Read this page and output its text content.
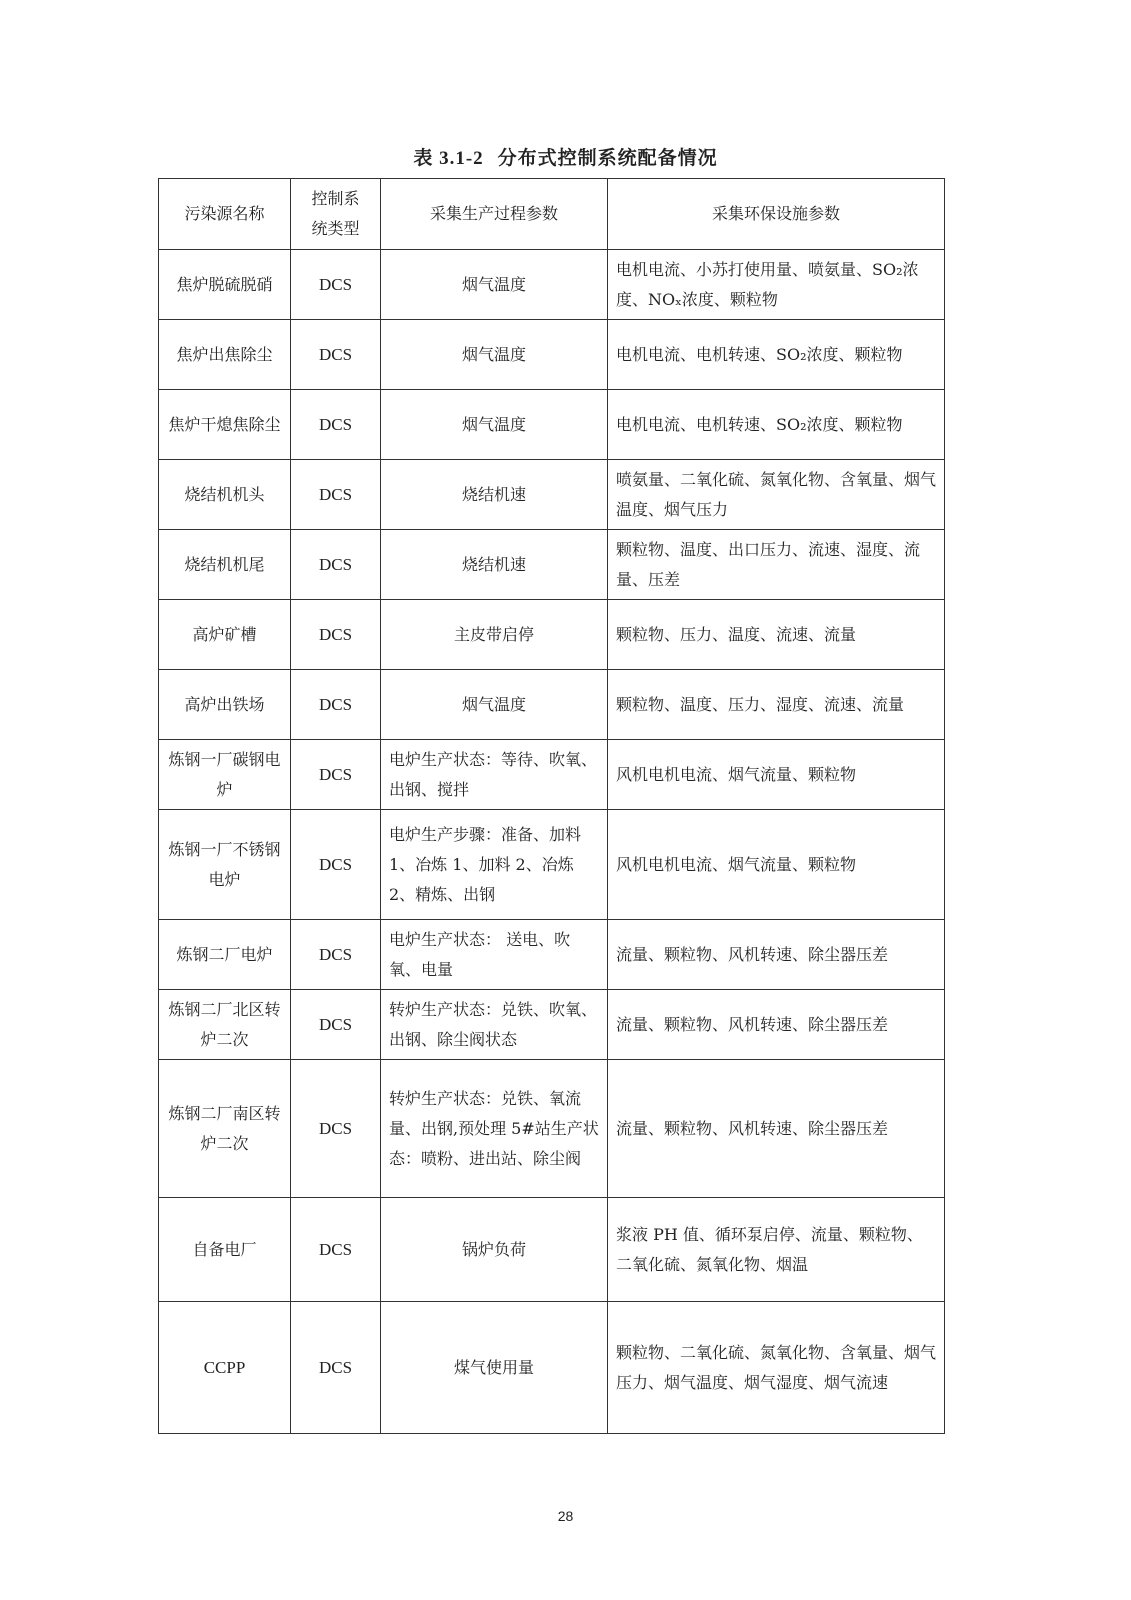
表 3.1-2 分布式控制系统配备情况
污染源名称	控制系统类型	采集生产过程参数	采集环保设施参数
焦炉脱硫脱硝	DCS	烟气温度	电机电流、小苏打使用量、喷氨量、SO₂浓度、NOₓ浓度、颗粒物
焦炉出焦除尘	DCS	烟气温度	电机电流、电机转速、SO₂浓度、颗粒物
焦炉干熄焦除尘	DCS	烟气温度	电机电流、电机转速、SO₂浓度、颗粒物
烧结机机头	DCS	烧结机速	喷氨量、二氧化硫、氮氧化物、含氧量、烟气温度、烟气压力
烧结机机尾	DCS	烧结机速	颗粒物、温度、出口压力、流速、湿度、流量、压差
高炉矿槽	DCS	主皮带启停	颗粒物、压力、温度、流速、流量
高炉出铁场	DCS	烟气温度	颗粒物、温度、压力、湿度、流速、流量
炼钢一厂碳钢电炉	DCS	电炉生产状态：等待、吹氧、出钢、搅拌	风机电机电流、烟气流量、颗粒物
炼钢一厂不锈钢电炉	DCS	电炉生产步骤：准备、加料 1、冶炼 1、加料 2、冶炼 2、精炼、出钢	风机电机电流、烟气流量、颗粒物
炼钢二厂电炉	DCS	电炉生产状态： 送电、吹氧、电量	流量、颗粒物、风机转速、除尘器压差
炼钢二厂北区转炉二次	DCS	转炉生产状态：兑铁、吹氧、出钢、除尘阀状态	流量、颗粒物、风机转速、除尘器压差
炼钢二厂南区转炉二次	DCS	转炉生产状态：兑铁、氧流量、出钢,预处理 5#站生产状态：喷粉、进出站、除尘阀	流量、颗粒物、风机转速、除尘器压差
自备电厂	DCS	锅炉负荷	浆液 PH 值、循环泵启停、流量、颗粒物、二氧化硫、氮氧化物、烟温
CCPP	DCS	煤气使用量	颗粒物、二氧化硫、氮氧化物、含氧量、烟气压力、烟气温度、烟气湿度、烟气流速
28
